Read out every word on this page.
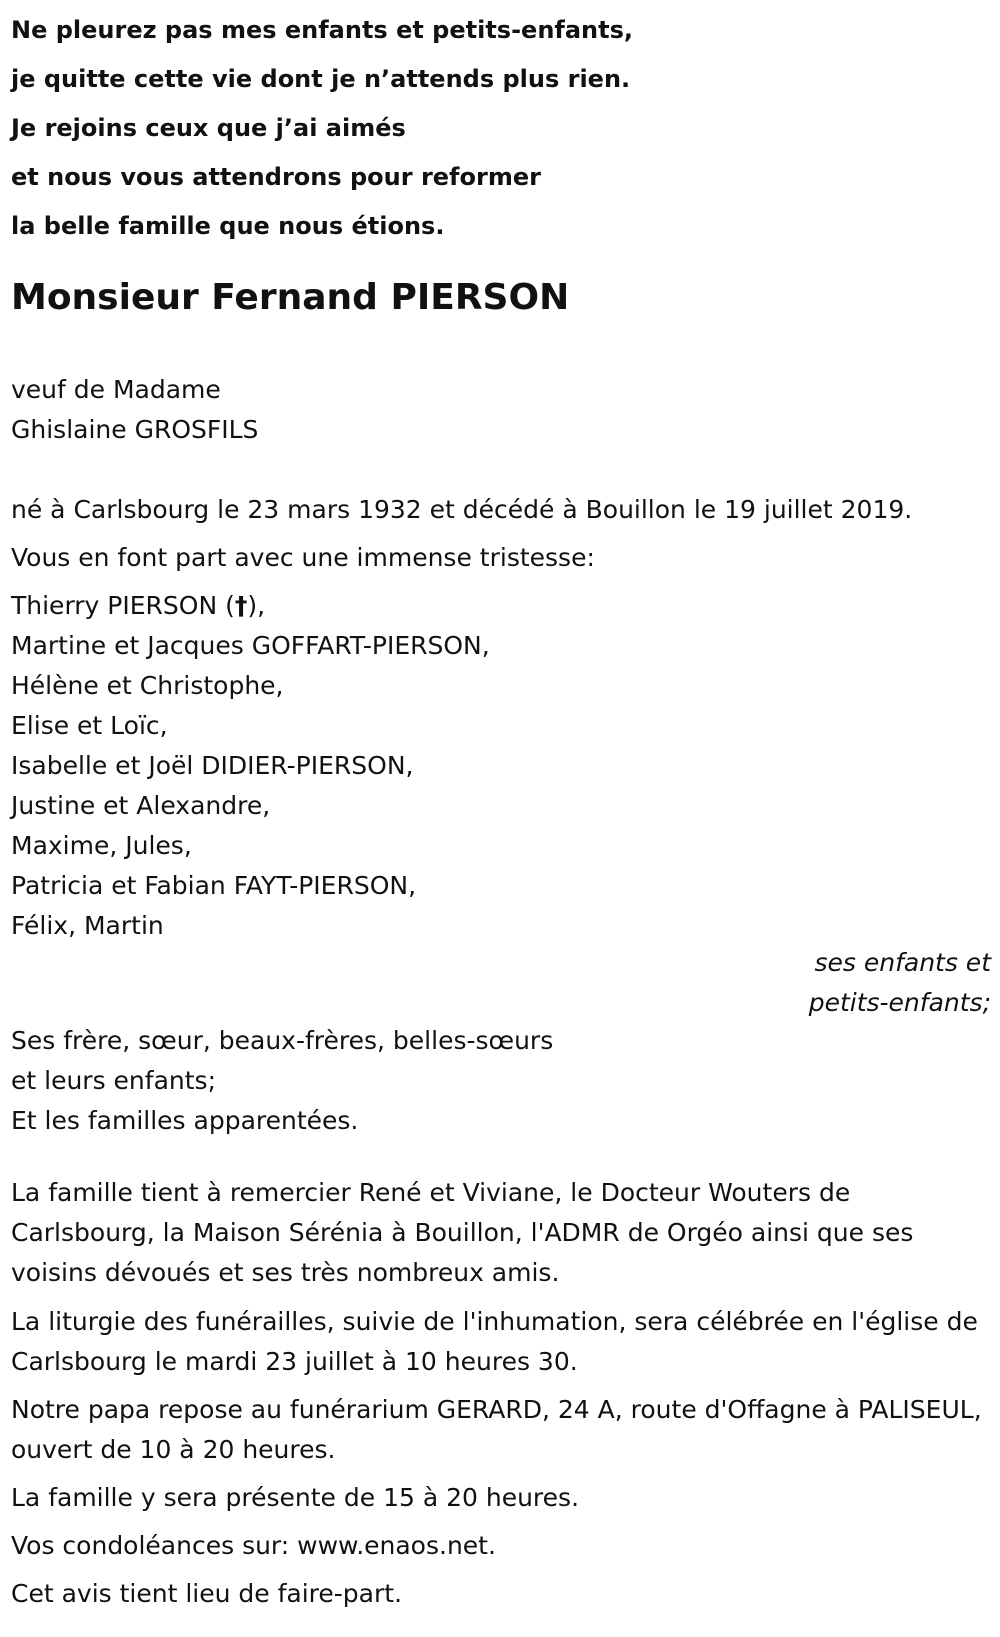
Ne pleurez pas mes enfants et petits-enfants,
je quitte cette vie dont je n’attends plus rien.
Je rejoins ceux que j’ai aimés
et nous vous attendrons pour reformer
la belle famille que nous étions.
Monsieur Fernand PIERSON
veuf de Madame
Ghislaine GROSFILS
né à Carlsbourg le 23 mars 1932 et décédé à Bouillon le 19 juillet 2019.
Vous en font part avec une immense tristesse:
Thierry PIERSON (†),
Martine et Jacques GOFFART-PIERSON,
Hélène et Christophe,
Elise et Loïc,
Isabelle et Joël DIDIER-PIERSON,
Justine et Alexandre,
Maxime, Jules,
Patricia et Fabian FAYT-PIERSON,
Félix, Martin
ses enfants et
petits-enfants;
Ses frère, sœur, beaux-frères, belles-sœurs
et leurs enfants;
Et les familles apparentées.
La famille tient à remercier René et Viviane, le Docteur Wouters de Carlsbourg, la Maison Sérénia à Bouillon, l'ADMR de Orgéo ainsi que ses voisins dévoués et ses très nombreux amis.
La liturgie des funérailles, suivie de l'inhumation, sera célébrée en l'église de Carlsbourg le mardi 23 juillet à 10 heures 30.
Notre papa repose au funérarium GERARD, 24 A, route d'Offagne à PALISEUL, ouvert de 10 à 20 heures.
La famille y sera présente de 15 à 20 heures.
Vos condoléances sur: www.enaos.net.
Cet avis tient lieu de faire-part.
